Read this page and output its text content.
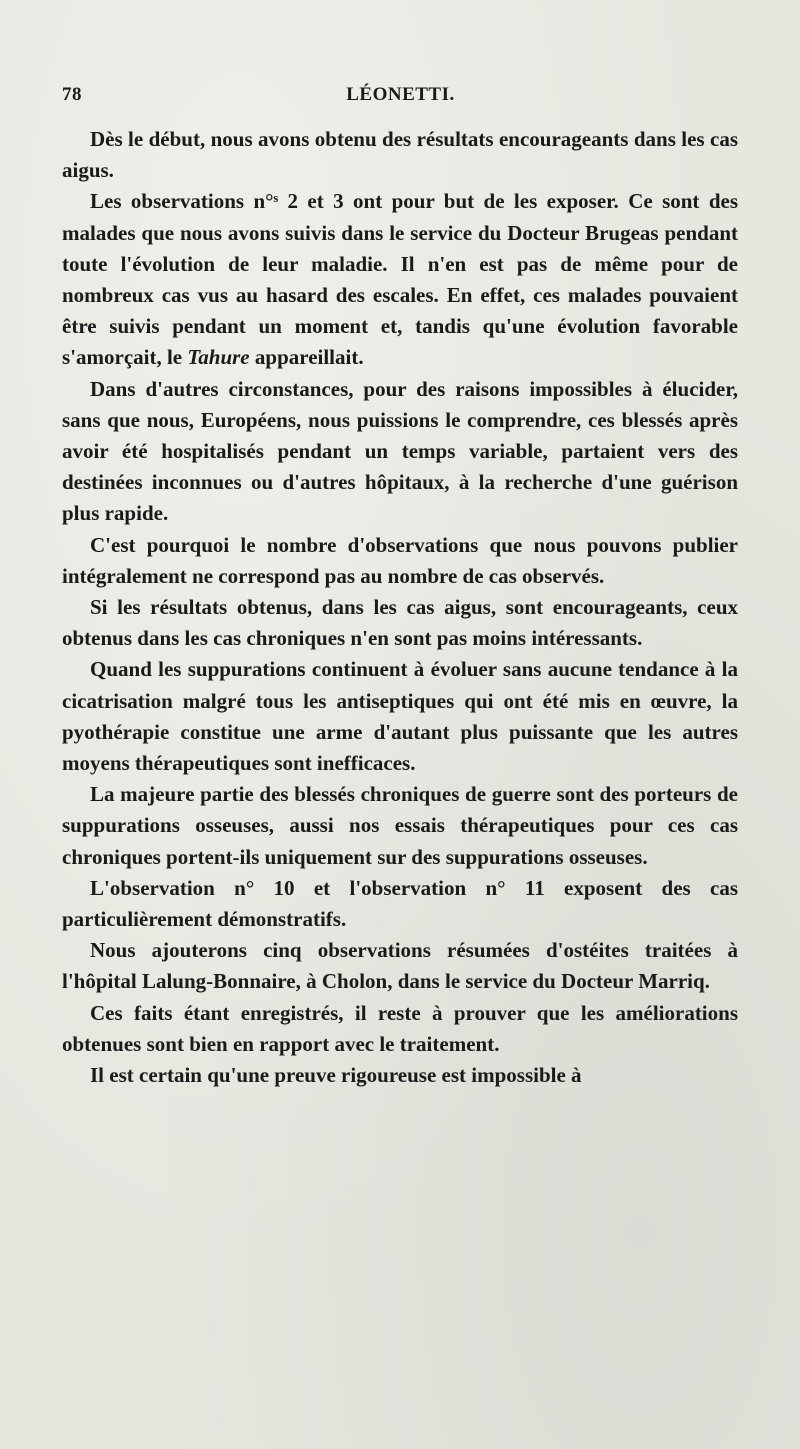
78	LÉONETTI.

Dès le début, nous avons obtenu des résultats encourageants dans les cas aigus.

Les observations n°ˢ 2 et 3 ont pour but de les exposer. Ce sont des malades que nous avons suivis dans le service du Docteur Brugeas pendant toute l'évolution de leur maladie. Il n'en est pas de même pour de nombreux cas vus au hasard des escales. En effet, ces malades pouvaient être suivis pendant un moment et, tandis qu'une évolution favorable s'amorçait, le Tahure appareillait.

Dans d'autres circonstances, pour des raisons impossibles à élucider, sans que nous, Européens, nous puissions le comprendre, ces blessés après avoir été hospitalisés pendant un temps variable, partaient vers des destinées inconnues ou d'autres hôpitaux, à la recherche d'une guérison plus rapide.

C'est pourquoi le nombre d'observations que nous pouvons publier intégralement ne correspond pas au nombre de cas observés.

Si les résultats obtenus, dans les cas aigus, sont encourageants, ceux obtenus dans les cas chroniques n'en sont pas moins intéressants.

Quand les suppurations continuent à évoluer sans aucune tendance à la cicatrisation malgré tous les antiseptiques qui ont été mis en œuvre, la pyothérapie constitue une arme d'autant plus puissante que les autres moyens thérapeutiques sont inefficaces.

La majeure partie des blessés chroniques de guerre sont des porteurs de suppurations osseuses, aussi nos essais thérapeutiques pour ces cas chroniques portent-ils uniquement sur des suppurations osseuses.

L'observation n° 10 et l'observation n° 11 exposent des cas particulièrement démonstratifs.

Nous ajouterons cinq observations résumées d'ostéites traitées à l'hôpital Lalung-Bonnaire, à Cholon, dans le service du Docteur Marriq.

Ces faits étant enregistrés, il reste à prouver que les améliorations obtenues sont bien en rapport avec le traitement.

Il est certain qu'une preuve rigoureuse est impossible à
